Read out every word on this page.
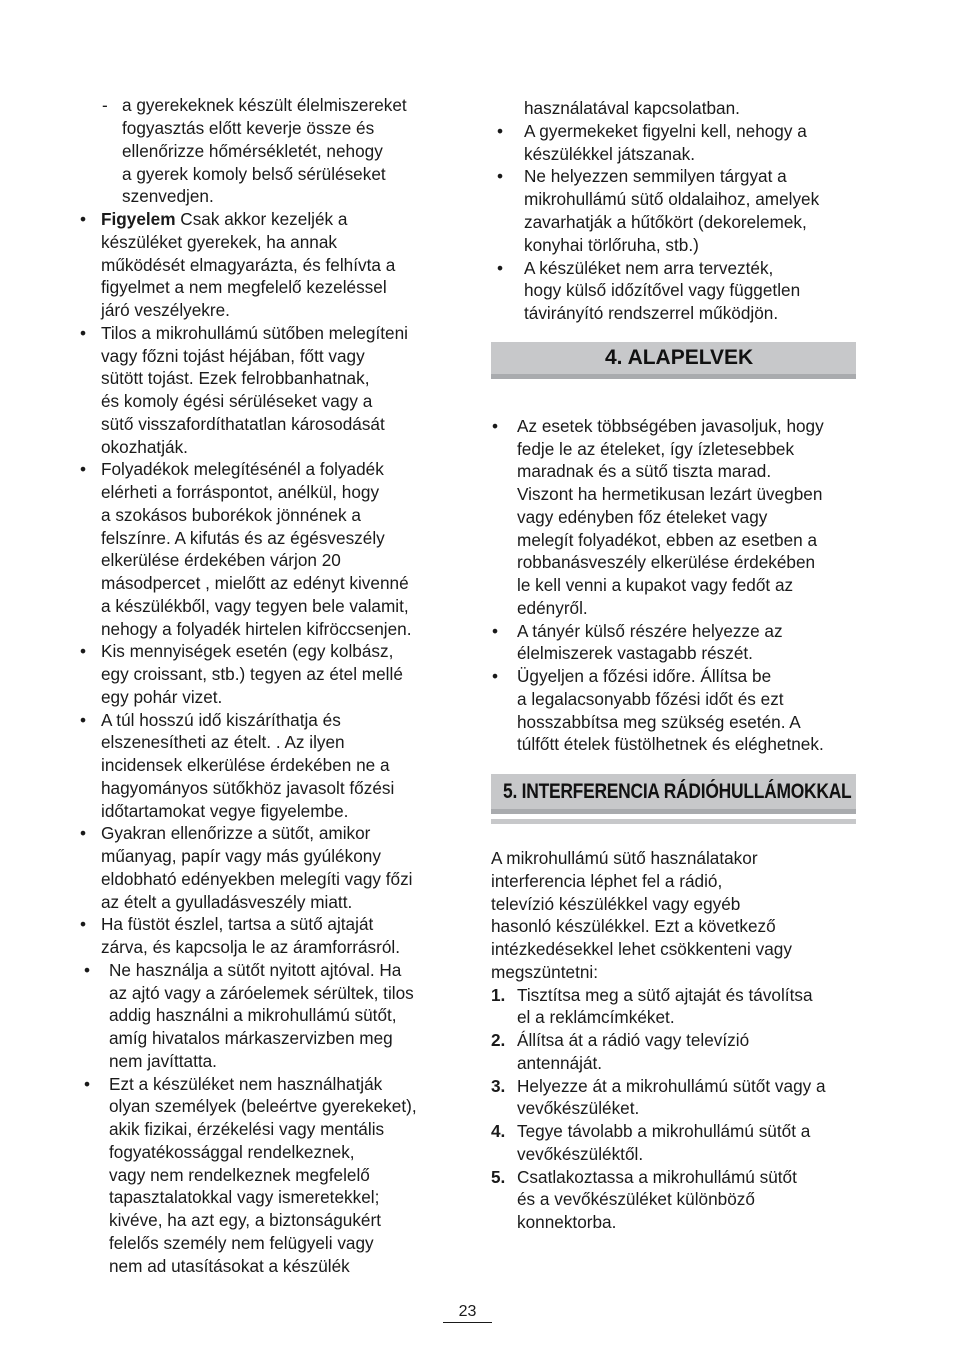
- a gyerekeknek készült élelmiszereket
fogyasztás előtt keverje össze és
ellenőrizze hőmérsékletét, nehogy
a gyerek komoly belső sérüléseket
szenvedjen.
• Figyelem Csak akkor kezeljék a
készüléket gyerekek, ha annak
működését elmagyarázta, és felhívta a
figyelmet a nem megfelelő kezeléssel
járó veszélyekre.
• Tilos a mikrohullámú sütőben melegíteni
vagy főzni tojást héjában, főtt vagy
sütött tojást. Ezek felrobbanhatnak,
és komoly égési sérüléseket vagy a
sütő visszafordíthatatlan károsodását
okozhatják.
• Folyadékok melegítésénél a folyadék
elérheti a forráspontot, anélkül, hogy
a szokásos buborékok jönnének a
felszínre. A kifutás és az égésveszély
elkerülése érdekében várjon 20
másodpercet , mielőtt az edényt kivenné
a készülékből, vagy tegyen bele valamit,
nehogy a folyadék hirtelen kifröccsenjen.
• Kis mennyiségek esetén (egy kolbász,
egy croissant, stb.) tegyen az étel mellé
egy pohár vizet.
• A túl hosszú idő kiszáríthatja és
elszenesítheti az ételt. . Az ilyen
incidensek elkerülése érdekében ne a
hagyományos sütőkhöz javasolt főzési
időtartamokat vegye figyelembe.
• Gyakran ellenőrizze a sütőt, amikor
műanyag, papír vagy más gyúlékony
eldobható edényekben melegíti vagy főzi
az ételt a gyulladásveszély miatt.
• Ha füstöt észlel, tartsa a sütő ajtaját
zárva, és kapcsolja le az áramforrásról.
• Ne használja a sütőt nyitott ajtóval. Ha
az ajtó vagy a záróelemek sérültek, tilos
addig használni a mikrohullámú sütőt,
amíg hivatalos márkaszervizben meg
nem javíttatta.
• Ezt a készüléket nem használhatják
olyan személyek (beleértve gyerekeket),
akik fizikai, érzékelési vagy mentális
fogyatékossággal rendelkeznek,
vagy nem rendelkeznek megfelelő
tapasztalatokkal vagy ismeretekkel;
kivéve, ha azt egy, a biztonságukért
felelős személy nem felügyeli vagy
nem ad utasításokat a készülék
használatával kapcsolatban.
• A gyermekeket figyelni kell, nehogy a
készülékkel játszanak.
• Ne helyezzen semmilyen tárgyat a
mikrohullámú sütő oldalaihoz, amelyek
zavarhatják a hűtőkört (dekorelemek,
konyhai törlőruha, stb.)
• A készüléket nem arra tervezték,
hogy külső időzítővel vagy független
távirányító rendszerrel működjön.
4. ALAPELVEK
• Az esetek többségében javasoljuk, hogy
fedje le az ételeket, így ízletesebbek
maradnak és a sütő tiszta marad.
Viszont ha hermetikusan lezárt üvegben
vagy edényben főz ételeket vagy
melegít folyadékot, ebben az esetben a
robbanásveszély elkerülése érdekében
le kell venni a kupakot vagy fedőt az
edényről.
• A tányér külső részére helyezze az
élelmiszerek vastagabb részét.
• Ügyeljen a főzési időre. Állítsa be
a legalacsonyabb főzési időt és ezt
hosszabbítsa meg szükség esetén. A
túlfőtt ételek füstölhetnek és eléghetnek.
5. INTERFERENCIA RÁDIÓHULLÁMOKKAL
A mikrohullámú sütő használatakor
interferencia léphet fel a rádió,
televízió készülékkel vagy egyéb
hasonló készülékkel. Ezt a következő
intézkedésekkel lehet csökkenteni vagy
megszüntetni:
1. Tisztítsa meg a sütő ajtaját és távolítsa
el a reklámcímkéket.
2. Állítsa át a rádió vagy televízió
antennáját.
3. Helyezze át a mikrohullámú sütőt vagy a
vevőkészüléket.
4. Tegye távolabb a mikrohullámú sütőt a
vevőkészüléktől.
5. Csatlakoztassa a mikrohullámú sütőt
és a vevőkészüléket különböző
konnektorba.
23
